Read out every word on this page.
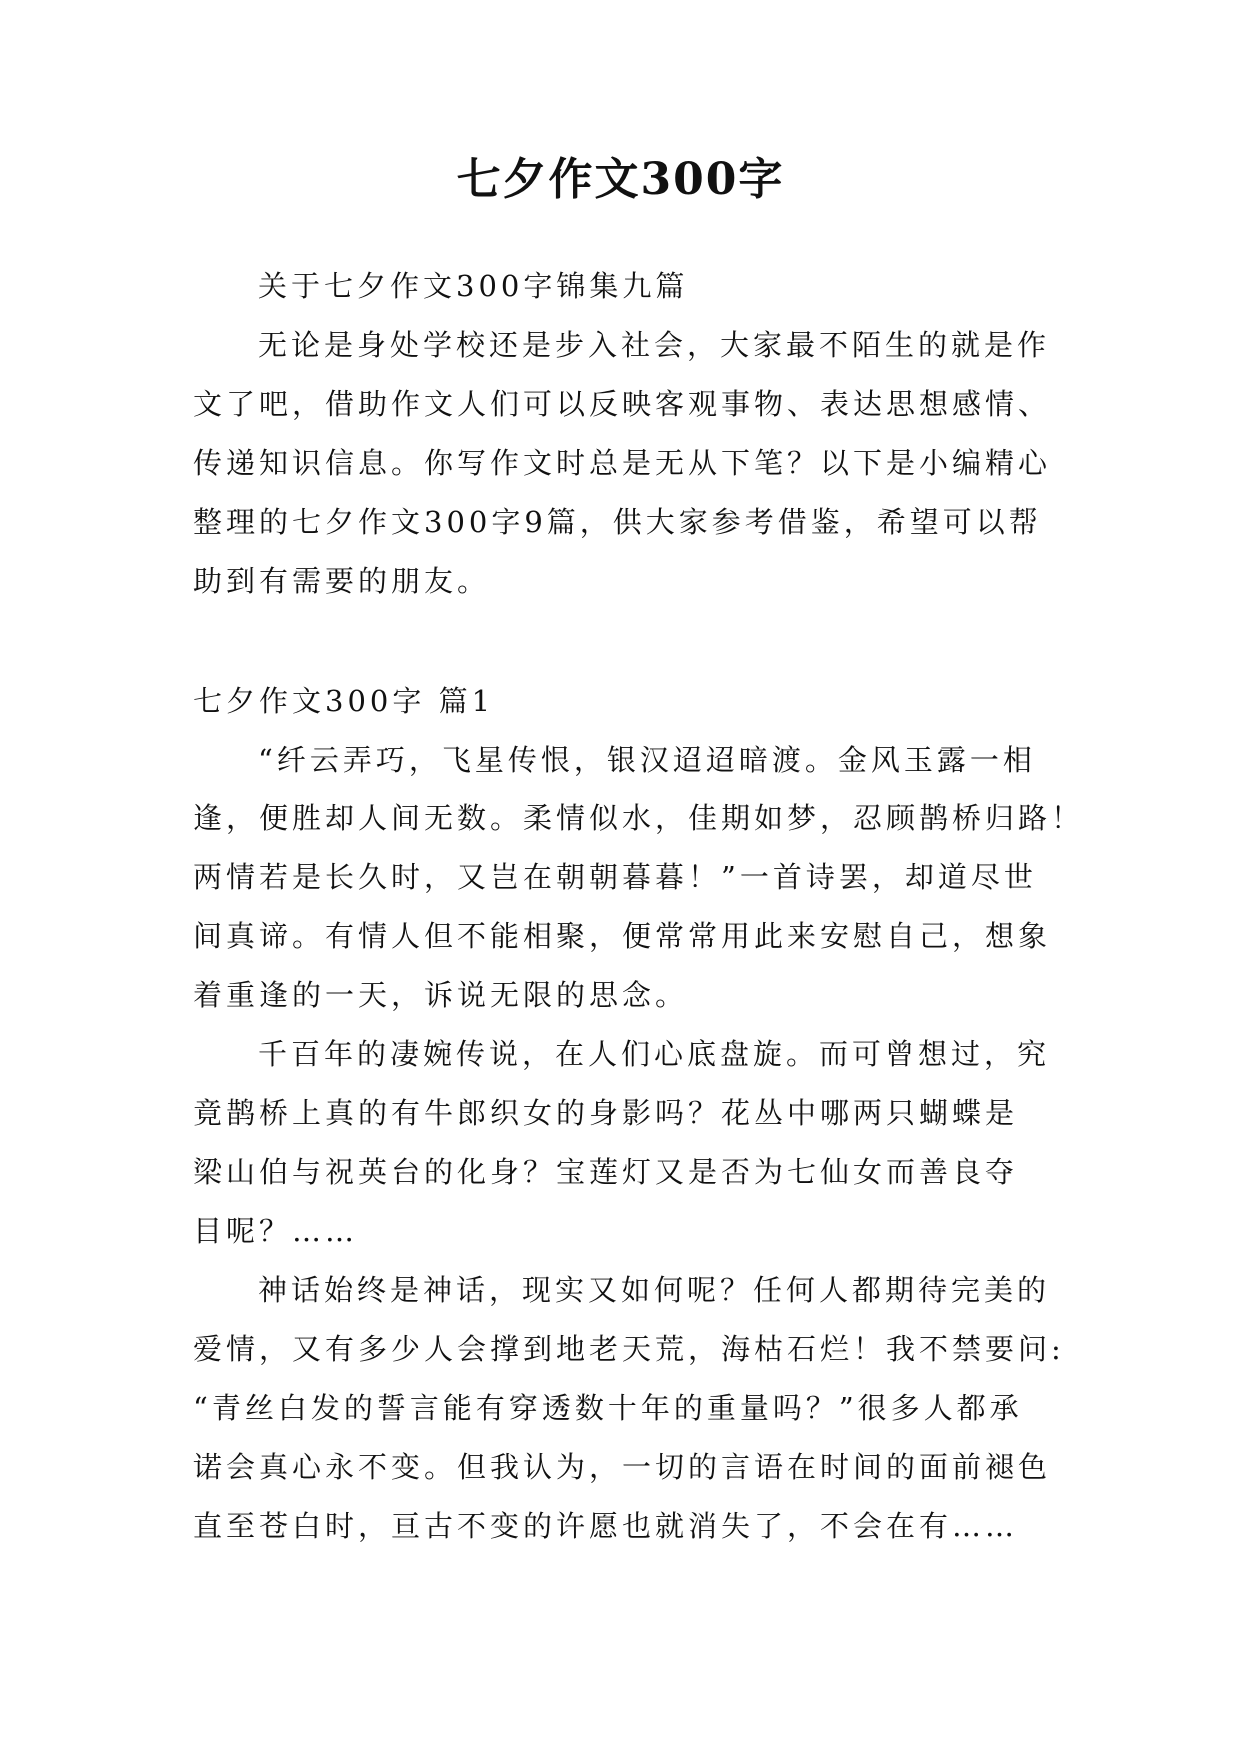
七夕作文300字

关于七夕作文300字锦集九篇

无论是身处学校还是步入社会，大家最不陌生的就是作

文了吧，借助作文人们可以反映客观事物、表达思想感情、

传递知识信息。你写作文时总是无从下笔？以下是小编精心

整理的七夕作文300字9篇，供大家参考借鉴，希望可以帮

助到有需要的朋友。

七夕作文300字 篇1

“纤云弄巧，飞星传恨，银汉迢迢暗渡。金风玉露一相

逢，便胜却人间无数。柔情似水，佳期如梦，忍顾鹊桥归路！

两情若是长久时，又岂在朝朝暮暮！”一首诗罢，却道尽世

间真谛。有情人但不能相聚，便常常用此来安慰自己，想象

着重逢的一天，诉说无限的思念。

千百年的凄婉传说，在人们心底盘旋。而可曾想过，究

竟鹊桥上真的有牛郎织女的身影吗？花丛中哪两只蝴蝶是

梁山伯与祝英台的化身？宝莲灯又是否为七仙女而善良夺

目呢？……

神话始终是神话，现实又如何呢？任何人都期待完美的

爱情，又有多少人会撑到地老天荒，海枯石烂！我不禁要问:

“青丝白发的誓言能有穿透数十年的重量吗？”很多人都承

诺会真心永不变。但我认为，一切的言语在时间的面前褪色

直至苍白时，亘古不变的许愿也就消失了，不会在有……
